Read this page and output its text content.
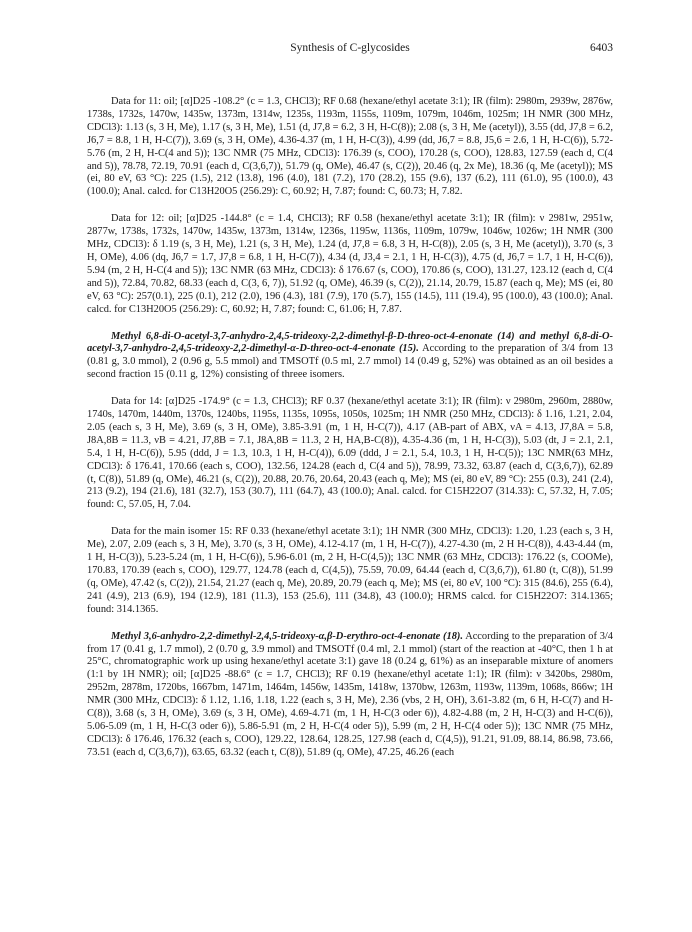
Synthesis of C-glycosides	6403

Data for 11: oil; [α]D25 -108.2° (c = 1.3, CHCl3); RF 0.68 (hexane/ethyl acetate 3:1); IR (film): 2980m, 2939w, 2876w, 1738s, 1732s, 1470w, 1435w, 1373m, 1314w, 1235s, 1193m, 1155s, 1109m, 1079m, 1046m, 1025m; 1H NMR (300 MHz, CDCl3): 1.13 (s, 3 H, Me), 1.17 (s, 3 H, Me), 1.51 (d, J7,8 = 6.2, 3 H, H-C(8)); 2.08 (s, 3 H, Me (acetyl)), 3.55 (dd, J7,8 = 6.2, J6,7 = 8.8, 1 H, H-C(7)), 3.69 (s, 3 H, OMe), 4.36-4.37 (m, 1 H, H-C(3)), 4.99 (dd, J6,7 = 8.8, J5,6 = 2.6, 1 H, H-C(6)), 5.72-5.76 (m, 2 H, H-C(4 and 5)); 13C NMR (75 MHz, CDCl3): 176.39 (s, COO), 170.28 (s, COO), 128.83, 127.59 (each d, C(4 and 5)), 78.78, 72.19, 70.91 (each d, C(3,6,7)), 51.79 (q, OMe), 46.47 (s, C(2)), 20.46 (q, 2x Me), 18.36 (q, Me (acetyl)); MS (ei, 80 eV, 63 °C): 225 (1.5), 212 (13.8), 196 (4.0), 181 (7.2), 170 (28.2), 155 (9.6), 137 (6.2), 111 (61.0), 95 (100.0), 43 (100.0); Anal. calcd. for C13H20O5 (256.29): C, 60.92; H, 7.87; found: C, 60.73; H, 7.82.

Data for 12: oil; [α]D25 -144.8° (c = 1.4, CHCl3); RF 0.58 (hexane/ethyl acetate 3:1); IR (film): ν 2981w, 2951w, 2877w, 1738s, 1732s, 1470w, 1435w, 1373m, 1314w, 1236s, 1195w, 1136s, 1109m, 1079w, 1046w, 1026w; 1H NMR (300 MHz, CDCl3): δ 1.19 (s, 3 H, Me), 1.21 (s, 3 H, Me), 1.24 (d, J7,8 = 6.8, 3 H, H-C(8)), 2.05 (s, 3 H, Me (acetyl)), 3.70 (s, 3 H, OMe), 4.06 (dq, J6,7 = 1.7, J7,8 = 6.8, 1 H, H-C(7)), 4.34 (d, J3,4 = 2.1, 1 H, H-C(3)), 4.75 (d, J6,7 = 1.7, 1 H, H-C(6)), 5.94 (m, 2 H, H-C(4 and 5)); 13C NMR (63 MHz, CDCl3): δ 176.67 (s, COO), 170.86 (s, COO), 131.27, 123.12 (each d, C(4 and 5)), 72.84, 70.82, 68.33 (each d, C(3, 6, 7)), 51.92 (q, OMe), 46.39 (s, C(2)), 21.14, 20.79, 15.87 (each q, Me); MS (ei, 80 eV, 63 °C): 257(0.1), 225 (0.1), 212 (2.0), 196 (4.3), 181 (7.9), 170 (5.7), 155 (14.5), 111 (19.4), 95 (100.0), 43 (100.0); Anal. calcd. for C13H20O5 (256.29): C, 60.92; H, 7.87; found: C, 61.06; H, 7.87.

Methyl 6,8-di-O-acetyl-3,7-anhydro-2,4,5-trideoxy-2,2-dimethyl-β-D-threo-oct-4-enonate (14) and methyl 6,8-di-O-acetyl-3,7-anhydro-2,4,5-trideoxy-2,2-dimethyl-α-D-threo-oct-4-enonate (15). According to the preparation of 3/4 from 13 (0.81 g, 3.0 mmol), 2 (0.96 g, 5.5 mmol) and TMSOTf (0.5 ml, 2.7 mmol) 14 (0.49 g, 52%) was obtained as an oil besides a second fraction 15 (0.11 g, 12%) consisting of threee isomers.

Data for 14: [α]D25 -174.9° (c = 1.3, CHCl3); RF 0.37 (hexane/ethyl acetate 3:1); IR (film): ν 2980m, 2960m, 2880w, 1740s, 1470m, 1440m, 1370s, 1240bs, 1195s, 1135s, 1095s, 1050s, 1025m; 1H NMR (250 MHz, CDCl3): δ 1.16, 1.21, 2.04, 2.05 (each s, 3 H, Me), 3.69 (s, 3 H, OMe), 3.85-3.91 (m, 1 H, H-C(7)), 4.17 (AB-part of ABX, νA = 4.13, J7,8A = 5.8, J8A,8B = 11.3, νB = 4.21, J7,8B = 7.1, J8A,8B = 11.3, 2 H, HA,B-C(8)), 4.35-4.36 (m, 1 H, H-C(3)), 5.03 (dt, J = 2.1, 2.1, 5.4, 1 H, H-C(6)), 5.95 (ddd, J = 1.3, 10.3, 1 H, H-C(4)), 6.09 (ddd, J = 2.1, 5.4, 10.3, 1 H, H-C(5)); 13C NMR(63 MHz, CDCl3): δ 176.41, 170.66 (each s, COO), 132.56, 124.28 (each d, C(4 and 5)), 78.99, 73.32, 63.87 (each d, C(3,6,7)), 62.89 (t, C(8)), 51.89 (q, OMe), 46.21 (s, C(2)), 20.88, 20.76, 20.64, 20.43 (each q, Me); MS (ei, 80 eV, 89 °C): 255 (0.3), 241 (2.4), 213 (9.2), 194 (21.6), 181 (32.7), 153 (30.7), 111 (64.7), 43 (100.0); Anal. calcd. for C15H22O7 (314.33): C, 57.32, H, 7.05; found: C, 57.05, H, 7.04.

Data for the main isomer 15: RF 0.33 (hexane/ethyl acetate 3:1); 1H NMR (300 MHz, CDCl3): 1.20, 1.23 (each s, 3 H, Me), 2.07, 2.09 (each s, 3 H, Me), 3.70 (s, 3 H, OMe), 4.12-4.17 (m, 1 H, H-C(7)), 4.27-4.30 (m, 2 H H-C(8)), 4.43-4.44 (m, 1 H, H-C(3)), 5.23-5.24 (m, 1 H, H-C(6)), 5.96-6.01 (m, 2 H, H-C(4,5)); 13C NMR (63 MHz, CDCl3): 176.22 (s, COOMe), 170.83, 170.39 (each s, COO), 129.77, 124.78 (each d, C(4,5)), 75.59, 70.09, 64.44 (each d, C(3,6,7)), 61.80 (t, C(8)), 51.99 (q, OMe), 47.42 (s, C(2)), 21.54, 21.27 (each q, Me), 20.89, 20.79 (each q, Me); MS (ei, 80 eV, 100 °C): 315 (84.6), 255 (6.4), 241 (4.9), 213 (6.9), 194 (12.9), 181 (11.3), 153 (25.6), 111 (34.8), 43 (100.0); HRMS calcd. for C15H22O7: 314.1365; found: 314.1365.

Methyl 3,6-anhydro-2,2-dimethyl-2,4,5-trideoxy-α,β-D-erythro-oct-4-enonate (18). According to the preparation of 3/4 from 17 (0.41 g, 1.7 mmol), 2 (0.70 g, 3.9 mmol) and TMSOTf (0.4 ml, 2.1 mmol) (start of the reaction at -40°C, then 1 h at 25°C, chromatographic work up using hexane/ethyl acetate 3:1) gave 18 (0.24 g, 61%) as an inseparable mixture of anomers (1:1 by 1H NMR); oil; [α]D25 -88.6° (c = 1.7, CHCl3); RF 0.19 (hexane/ethyl acetate 1:1); IR (film): ν 3420bs, 2980m, 2952m, 2878m, 1720bs, 1667bm, 1471m, 1464m, 1456w, 1435m, 1418w, 1370bw, 1263m, 1193w, 1139m, 1068s, 866w; 1H NMR (300 MHz, CDCl3): δ 1.12, 1.16, 1.18, 1.22 (each s, 3 H, Me), 2.36 (vbs, 2 H, OH), 3.61-3.82 (m, 6 H, H-C(7) and H-C(8)), 3.68 (s, 3 H, OMe), 3.69 (s, 3 H, OMe), 4.69-4.71 (m, 1 H, H-C(3 oder 6)), 4.82-4.88 (m, 2 H, H-C(3) and H-C(6)), 5.06-5.09 (m, 1 H, H-C(3 oder 6)), 5.86-5.91 (m, 2 H, H-C(4 oder 5)), 5.99 (m, 2 H, H-C(4 oder 5)); 13C NMR (75 MHz, CDCl3): δ 176.46, 176.32 (each s, COO), 129.22, 128.64, 128.25, 127.98 (each d, C(4,5)), 91.21, 91.09, 88.14, 86.98, 73.66, 73.51 (each d, C(3,6,7)), 63.65, 63.32 (each t, C(8)), 51.89 (q, OMe), 47.25, 46.26 (each
